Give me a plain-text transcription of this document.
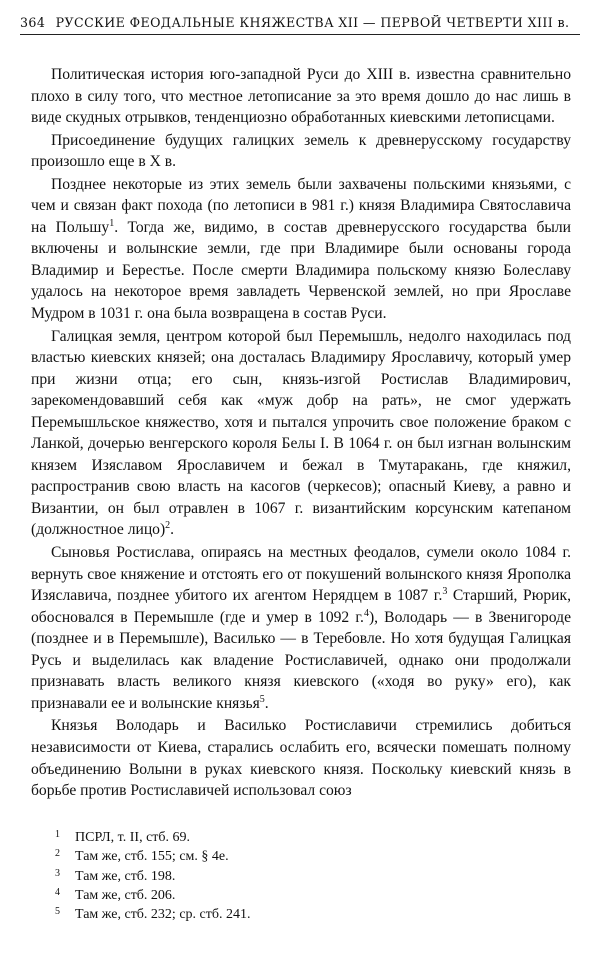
364 РУССКИЕ ФЕОДАЛЬНЫЕ КНЯЖЕСТВА XII — ПЕРВОЙ ЧЕТВЕРТИ XIII в.

Политическая история юго-западной Руси до XIII в. известна сравнительно плохо в силу того, что местное летописание за это время дошло до нас лишь в виде скудных отрывков, тенденциозно обработанных киевскими летописцами.

Присоединение будущих галицких земель к древнерусскому государству произошло еще в X в.

Позднее некоторые из этих земель были захвачены польскими князьями, с чем и связан факт похода (по летописи в 981 г.) князя Владимира Святославича на Польшу$^1$. Тогда же, видимо, в состав древнерусского государства были включены и волынские земли, где при Владимире были основаны города Владимир и Берестье. После смерти Владимира польскому князю Болеславу удалось на некоторое время завладеть Червенской землей, но при Ярославе Мудром в 1031 г. она была возвращена в состав Руси.

Галицкая земля, центром которой был Перемышль, недолго находилась под властью киевских князей; она досталась Владимиру Ярославичу, который умер при жизни отца; его сын, князь-изгой Ростислав Владимирович, зарекомендовавший себя как «муж добр на рать», не смог удержать Перемышльское княжество, хотя и пытался упрочить свое положение браком с Ланкой, дочерью венгерского короля Белы I. В 1064 г. он был изгнан волынским князем Изяславом Ярославичем и бежал в Тмутаракань, где княжил, распространив свою власть на касогов (черкесов); опасный Киеву, а равно и Византии, он был отравлен в 1067 г. византийским корсунским катепаном (должностное лицо)$^2$.

Сыновья Ростислава, опираясь на местных феодалов, сумели около 1084 г. вернуть свое княжение и отстоять его от покушений волынского князя Ярополка Изяславича, позднее убитого их агентом Нерядцем в 1087 г.$^3$ Старший, Рюрик, обосновался в Перемышле (где и умер в 1092 г.$^4$), Володарь — в Звенигороде (позднее и в Перемышле), Василько — в Теребовле. Но хотя будущая Галицкая Русь и выделилась как владение Ростиславичей, однако они продолжали признавать власть великого князя киевского («ходя во руку» его), как признавали ее и волынские князья$^5$.

Князья Володарь и Василько Ростиславичи стремились добиться независимости от Киева, старались ослабить его, всячески помешать полному объединению Волыни в руках киевского князя. Поскольку киевский князь в борьбе против Ростиславичей использовал союз

1	ПСРЛ, т. II, стб. 69.
2	Там же, стб. 155; см. § 4е.
3	Там же, стб. 198.
4	Там же, стб. 206.
5	Там же, стб. 232; ср. стб. 241.
